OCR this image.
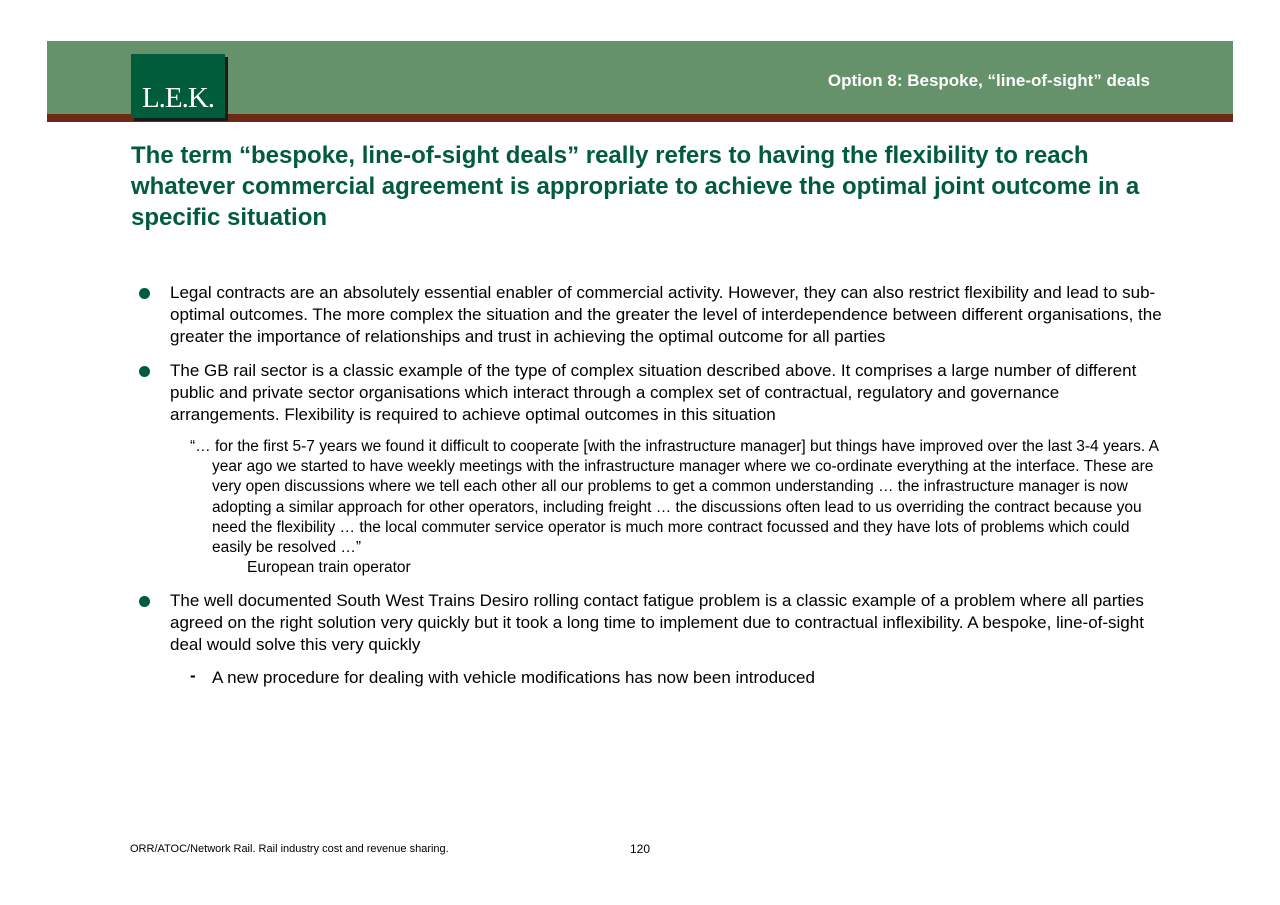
L.E.K.
Option 8: Bespoke, “line-of-sight” deals
The term “bespoke, line-of-sight deals” really refers to having the flexibility to reach whatever commercial agreement is appropriate to achieve the optimal joint outcome in a specific situation
Legal contracts are an absolutely essential enabler of commercial activity. However, they can also restrict flexibility and lead to sub-optimal outcomes. The more complex the situation and the greater the level of interdependence between different organisations, the greater the importance of relationships and trust in achieving the optimal outcome for all parties
The GB rail sector is a classic example of the type of complex situation described above. It comprises a large number of different public and private sector organisations which interact through a complex set of contractual, regulatory and governance arrangements. Flexibility is required to achieve optimal outcomes in this situation
“… for the first 5-7 years we found it difficult to cooperate [with the infrastructure manager] but things have improved over the last 3-4 years. A year ago we started to have weekly meetings with the infrastructure manager where we co-ordinate everything at the interface. These are very open discussions where we tell each other all our problems to get a common understanding … the infrastructure manager is now adopting a similar approach for other operators, including freight … the discussions often lead to us overriding the contract because you need the flexibility … the local commuter service operator is much more contract focussed and they have lots of problems which could easily be resolved …”
European train operator
The well documented South West Trains Desiro rolling contact fatigue problem is a classic example of a problem where all parties agreed on the right solution very quickly but it took a long time to implement due to contractual inflexibility. A bespoke, line-of-sight deal would solve this very quickly
- A new procedure for dealing with vehicle modifications has now been introduced
ORR/ATOC/Network Rail. Rail industry cost and revenue sharing.	120
